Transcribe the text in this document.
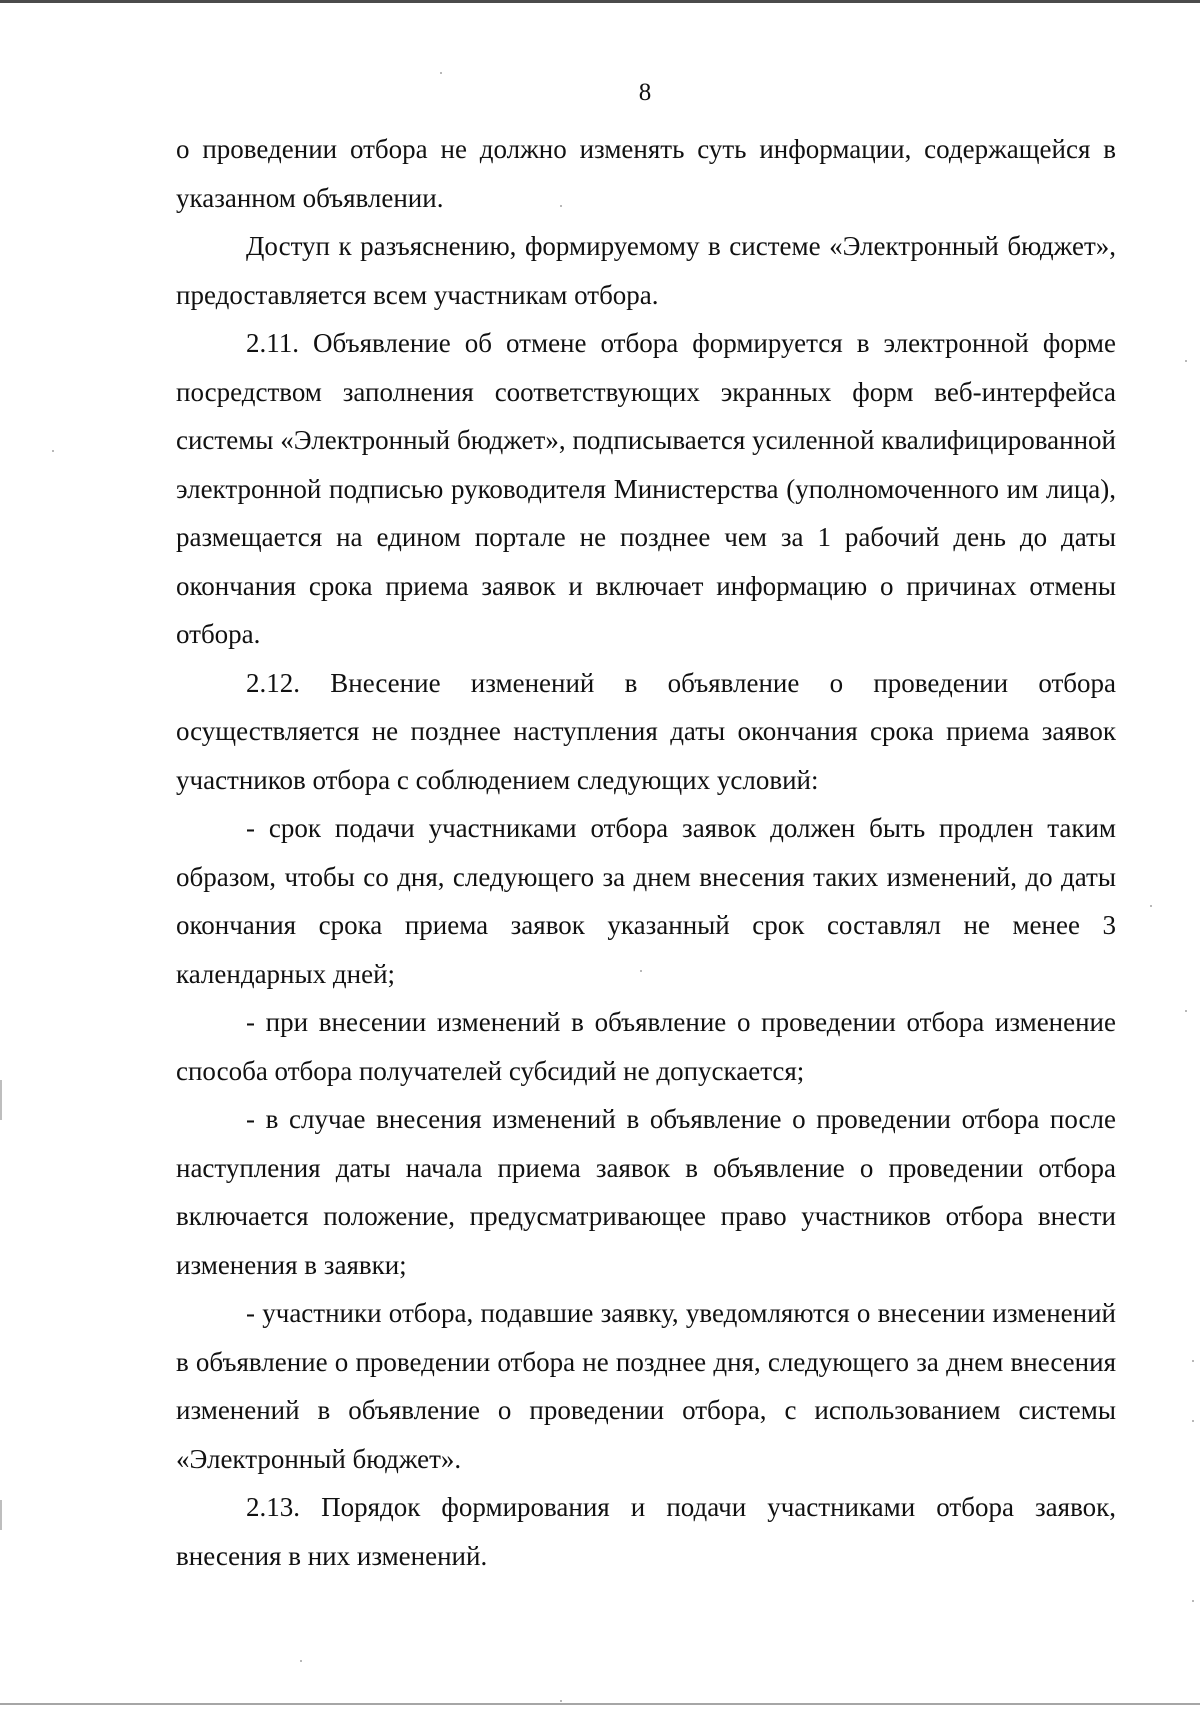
8

о проведении отбора не должно изменять суть информации, содержащейся в указанном объявлении.

Доступ к разъяснению, формируемому в системе «Электронный бюджет», предоставляется всем участникам отбора.

2.11. Объявление об отмене отбора формируется в электронной форме посредством заполнения соответствующих экранных форм веб-интерфейса системы «Электронный бюджет», подписывается усиленной квалифицированной электронной подписью руководителя Министерства (уполномоченного им лица), размещается на едином портале не позднее чем за 1 рабочий день до даты окончания срока приема заявок и включает информацию о причинах отмены отбора.

2.12. Внесение изменений в объявление о проведении отбора осуществляется не позднее наступления даты окончания срока приема заявок участников отбора с соблюдением следующих условий:

- срок подачи участниками отбора заявок должен быть продлен таким образом, чтобы со дня, следующего за днем внесения таких изменений, до даты окончания срока приема заявок указанный срок составлял не менее 3 календарных дней;

- при внесении изменений в объявление о проведении отбора изменение способа отбора получателей субсидий не допускается;

- в случае внесения изменений в объявление о проведении отбора после наступления даты начала приема заявок в объявление о проведении отбора включается положение, предусматривающее право участников отбора внести изменения в заявки;

- участники отбора, подавшие заявку, уведомляются о внесении изменений в объявление о проведении отбора не позднее дня, следующего за днем внесения изменений в объявление о проведении отбора, с использованием системы «Электронный бюджет».

2.13. Порядок формирования и подачи участниками отбора заявок, внесения в них изменений.
